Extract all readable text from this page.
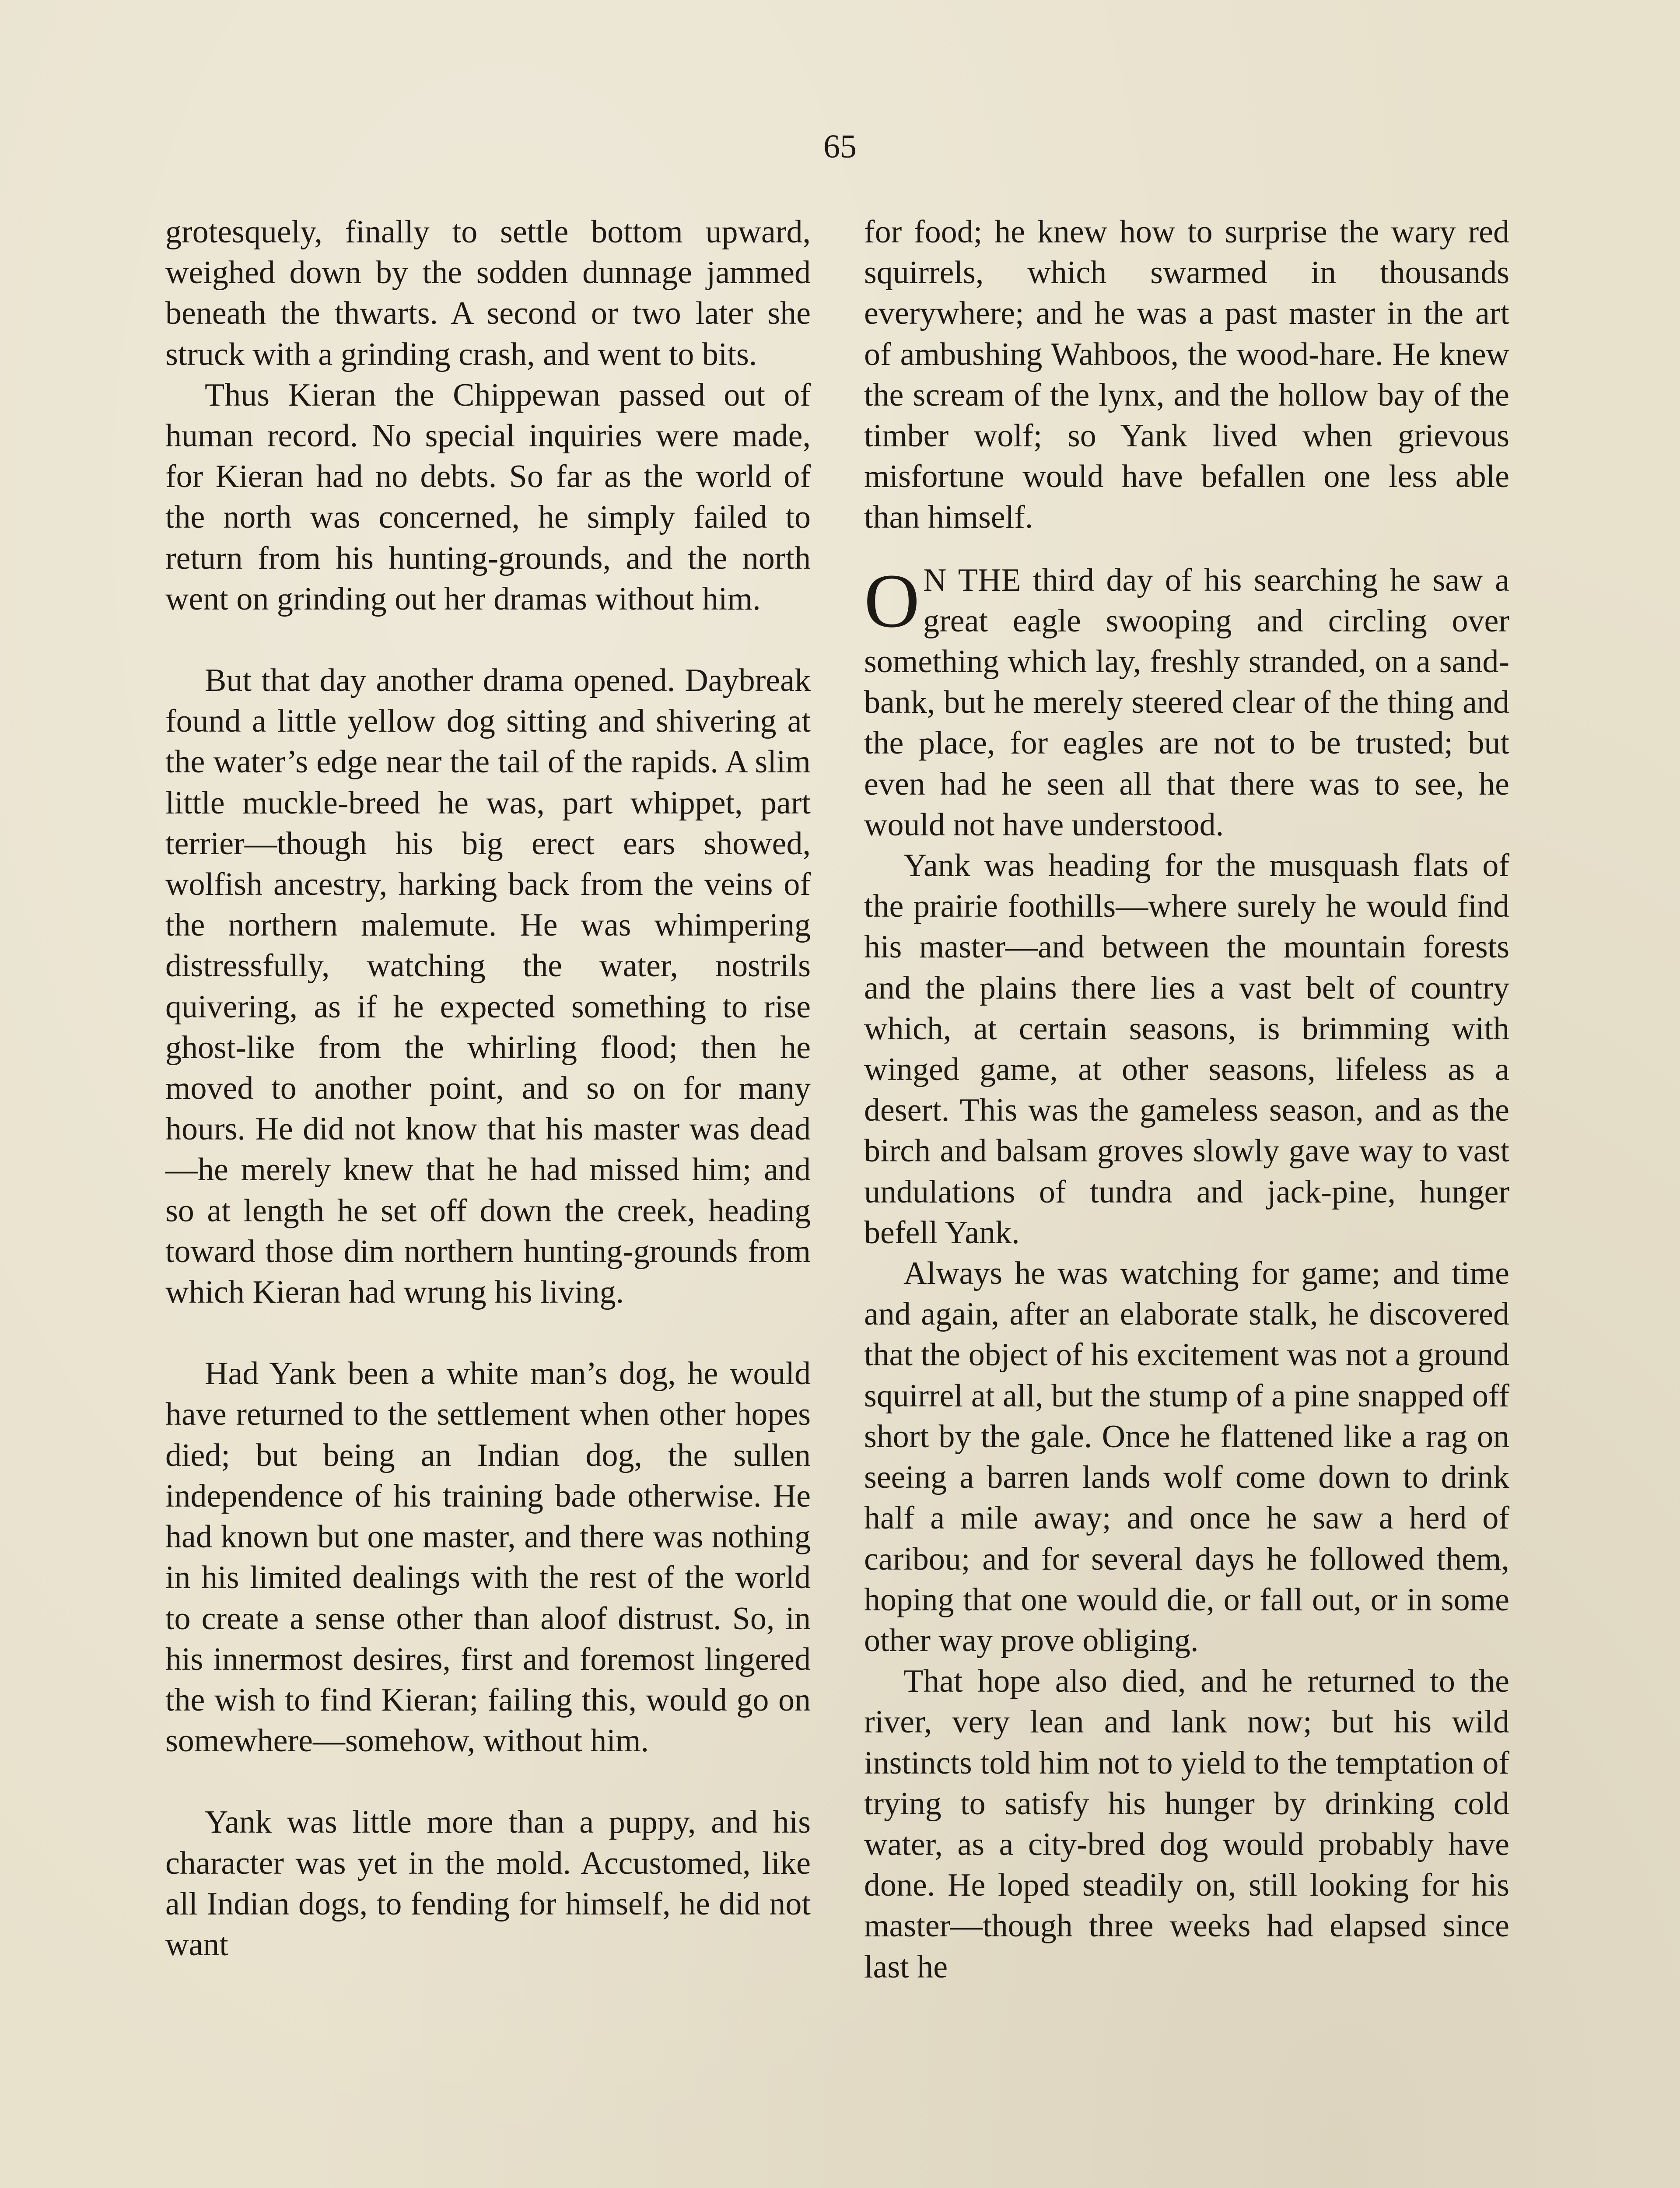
65

grotesquely, finally to settle bottom upward, weighed down by the sodden dunnage jammed beneath the thwarts. A second or two later she struck with a grinding crash, and went to bits.

Thus Kieran the Chippewan passed out of human record. No special inquiries were made, for Kieran had no debts. So far as the world of the north was concerned, he simply failed to return from his hunting-grounds, and the north went on grinding out her dramas without him.

But that day another drama opened. Daybreak found a little yellow dog sitting and shivering at the water’s edge near the tail of the rapids. A slim little muckle-breed he was, part whippet, part terrier—though his big erect ears showed, wolfish ancestry, harking back from the veins of the northern malemute. He was whimpering distressfully, watching the water, nostrils quivering, as if he expected something to rise ghost-like from the whirling flood; then he moved to another point, and so on for many hours. He did not know that his master was dead—he merely knew that he had missed him; and so at length he set off down the creek, heading toward those dim northern hunting-grounds from which Kieran had wrung his living.

Had Yank been a white man’s dog, he would have returned to the settlement when other hopes died; but being an Indian dog, the sullen independence of his training bade otherwise. He had known but one master, and there was nothing in his limited dealings with the rest of the world to create a sense other than aloof distrust. So, in his innermost desires, first and foremost lingered the wish to find Kieran; failing this, would go on somewhere—somehow, without him.

Yank was little more than a puppy, and his character was yet in the mold. Accustomed, like all Indian dogs, to fending for himself, he did not want

for food; he knew how to surprise the wary red squirrels, which swarmed in thousands everywhere; and he was a past master in the art of ambushing Wahboos, the wood-hare. He knew the scream of the lynx, and the hollow bay of the timber wolf; so Yank lived when grievous misfortune would have befallen one less able than himself.

O N THE third day of his searching he saw a great eagle swooping and circling over something which lay, freshly stranded, on a sand-bank, but he merely steered clear of the thing and the place, for eagles are not to be trusted; but even had he seen all that there was to see, he would not have understood.

Yank was heading for the musquash flats of the prairie foothills—where surely he would find his master—and between the mountain forests and the plains there lies a vast belt of country which, at certain seasons, is brimming with winged game, at other seasons, lifeless as a desert. This was the gameless season, and as the birch and balsam groves slowly gave way to vast undulations of tundra and jack-pine, hunger befell Yank.

Always he was watching for game; and time and again, after an elaborate stalk, he discovered that the object of his excitement was not a ground squirrel at all, but the stump of a pine snapped off short by the gale. Once he flattened like a rag on seeing a barren lands wolf come down to drink half a mile away; and once he saw a herd of caribou; and for several days he followed them, hoping that one would die, or fall out, or in some other way prove obliging.

That hope also died, and he returned to the river, very lean and lank now; but his wild instincts told him not to yield to the temptation of trying to satisfy his hunger by drinking cold water, as a city-bred dog would probably have done. He loped steadily on, still looking for his master—though three weeks had elapsed since last he
